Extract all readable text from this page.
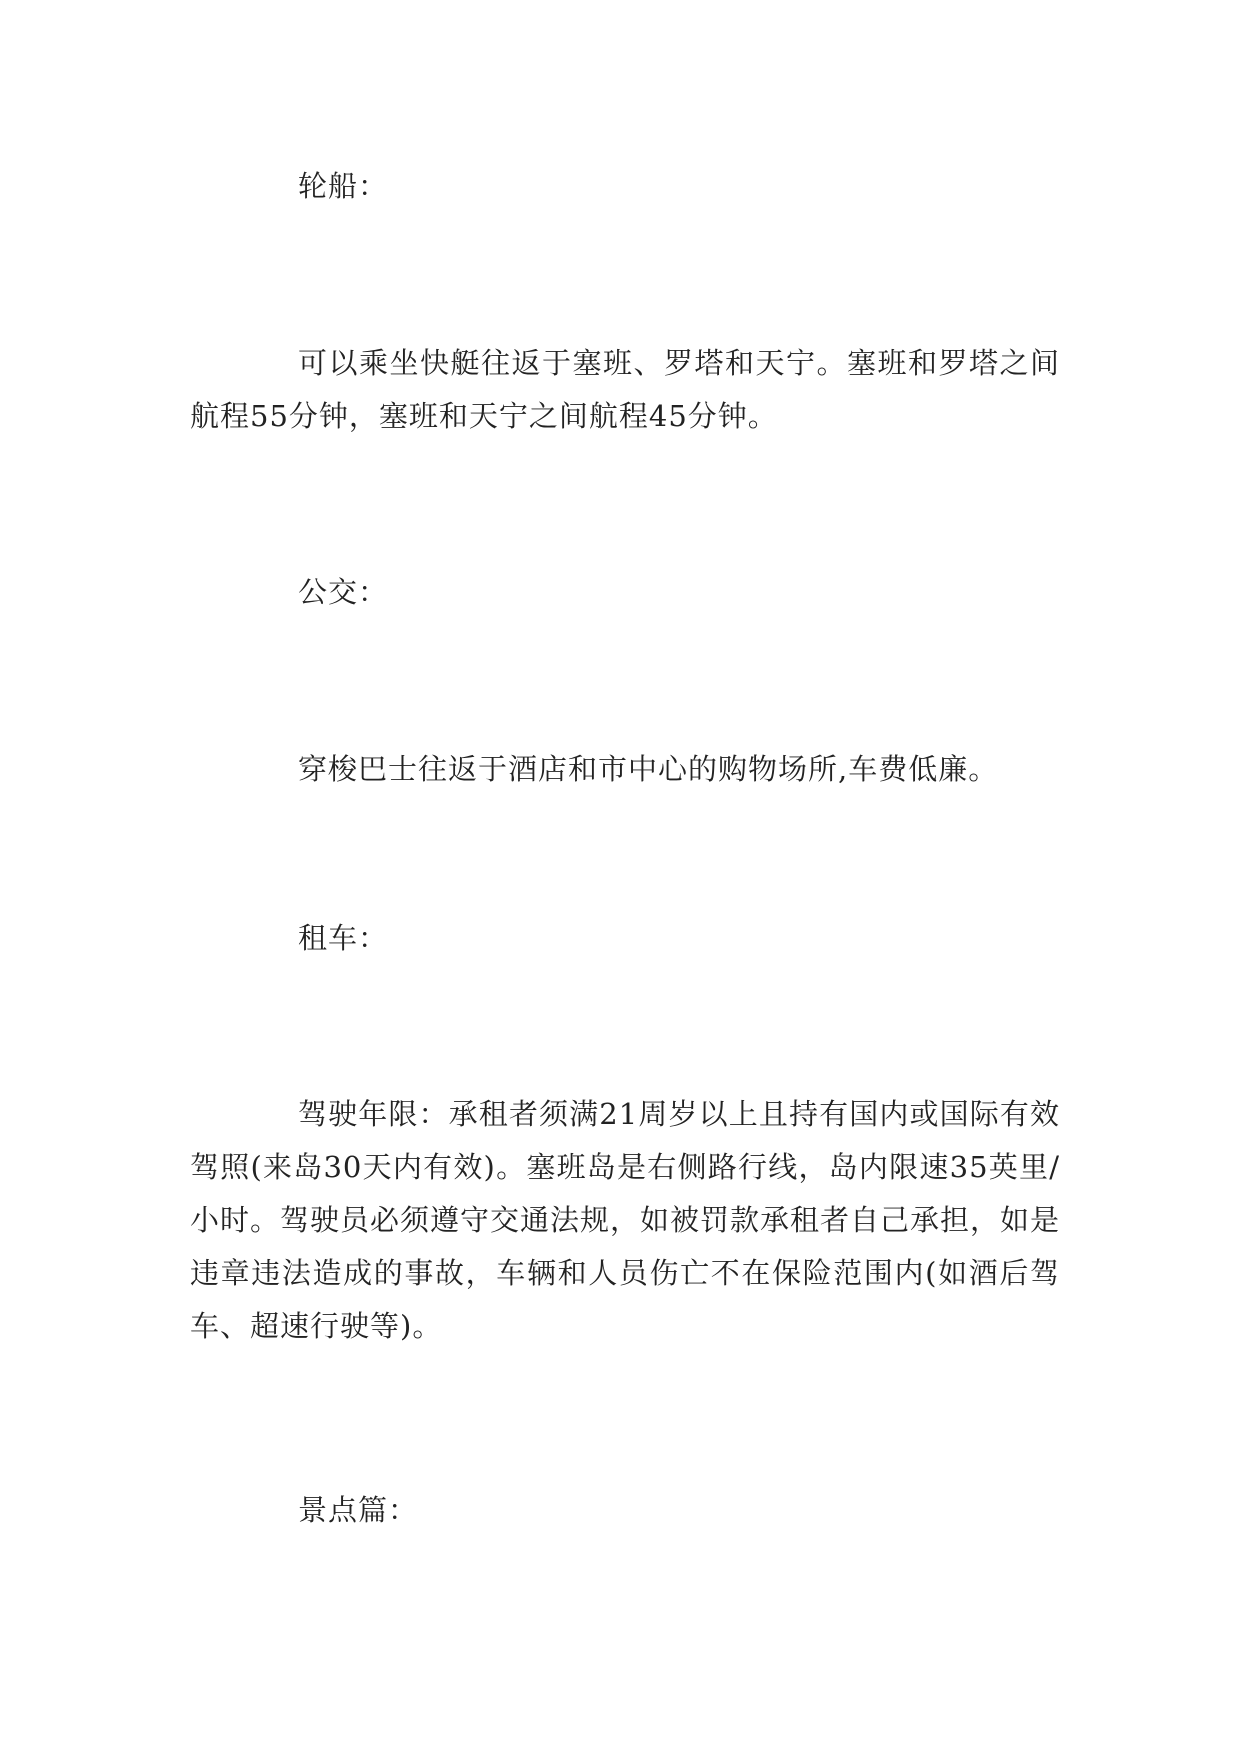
轮船：

可以乘坐快艇往返于塞班、罗塔和天宁。塞班和罗塔之间航程55分钟，塞班和天宁之间航程45分钟。

公交：

穿梭巴士往返于酒店和市中心的购物场所,车费低廉。

租车：

驾驶年限：承租者须满21周岁以上且持有国内或国际有效驾照(来岛30天内有效)。塞班岛是右侧路行线，岛内限速35英里/小时。驾驶员必须遵守交通法规，如被罚款承租者自己承担，如是违章违法造成的事故，车辆和人员伤亡不在保险范围内(如酒后驾车、超速行驶等)。

景点篇：
